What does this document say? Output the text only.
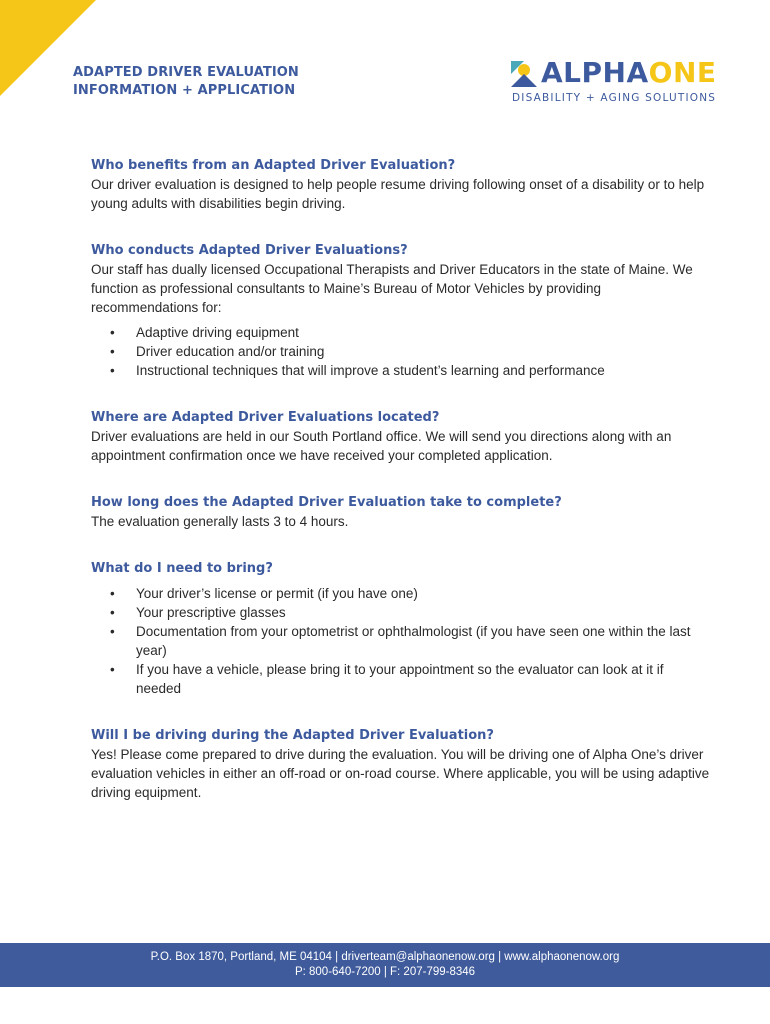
ADAPTED DRIVER EVALUATION
INFORMATION + APPLICATION
ALPHAONE
DISABILITY + AGING SOLUTIONS

Who benefits from an Adapted Driver Evaluation?

Our driver evaluation is designed to help people resume driving following onset of a disability or to help young adults with disabilities begin driving.

Who conducts Adapted Driver Evaluations?

Our staff has dually licensed Occupational Therapists and Driver Educators in the state of Maine. We function as professional consultants to Maine’s Bureau of Motor Vehicles by providing recommendations for:

• Adaptive driving equipment
• Driver education and/or training
• Instructional techniques that will improve a student’s learning and performance

Where are Adapted Driver Evaluations located?

Driver evaluations are held in our South Portland office. We will send you directions along with an appointment confirmation once we have received your completed application.

How long does the Adapted Driver Evaluation take to complete?

The evaluation generally lasts 3 to 4 hours.

What do I need to bring?

• Your driver’s license or permit (if you have one)
• Your prescriptive glasses
• Documentation from your optometrist or ophthalmologist (if you have seen one within the last year)
• If you have a vehicle, please bring it to your appointment so the evaluator can look at it if needed

Will I be driving during the Adapted Driver Evaluation?

Yes! Please come prepared to drive during the evaluation. You will be driving one of Alpha One’s driver evaluation vehicles in either an off-road or on-road course. Where applicable, you will be using adaptive driving equipment.

P.O. Box 1870, Portland, ME 04104 | driverteam@alphaonenow.org | www.alphaonenow.org
P: 800-640-7200 | F: 207-799-8346
